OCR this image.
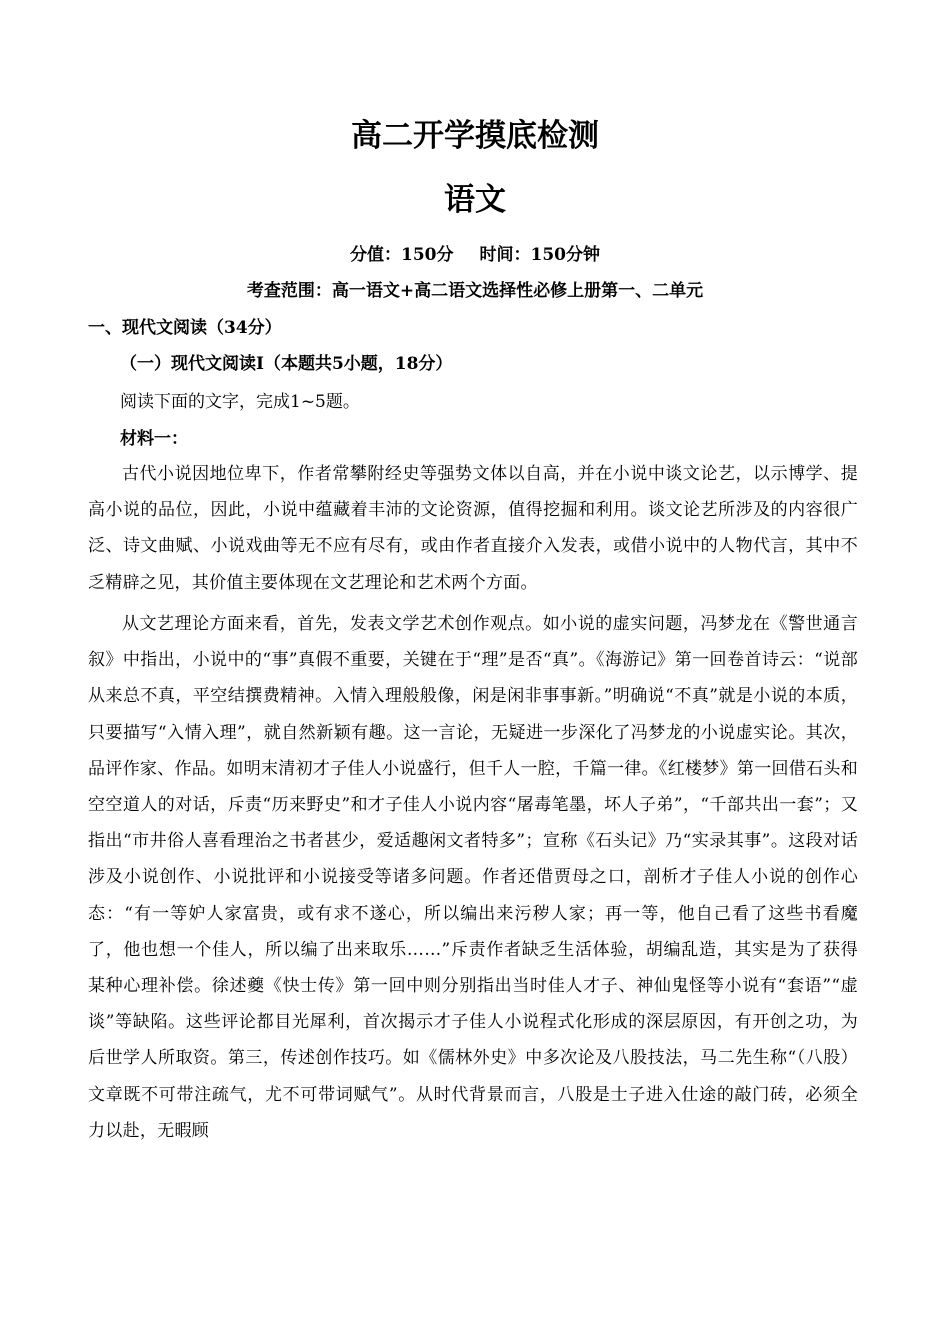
高二开学摸底检测
语文

分值：150分 时间：150分钟

考查范围：高一语文+高二语文选择性必修上册第一、二单元

一、现代文阅读（34分）

（一）现代文阅读Ⅰ（本题共5小题，18分）

阅读下面的文字，完成1~5题。

材料一：

古代小说因地位卑下，作者常攀附经史等强势文体以自高，并在小说中谈文论艺，以示博学、提高小说的品位，因此，小说中蕴藏着丰沛的文论资源，值得挖掘和利用。谈文论艺所涉及的内容很广泛、诗文曲赋、小说戏曲等无不应有尽有，或由作者直接介入发表，或借小说中的人物代言，其中不乏精辟之见，其价值主要体现在文艺理论和艺术两个方面。

从文艺理论方面来看，首先，发表文学艺术创作观点。如小说的虚实问题，冯梦龙在《警世通言叙》中指出，小说中的“事”真假不重要，关键在于“理”是否“真”。《海游记》第一回卷首诗云：“说部从来总不真，平空结撰费精神。入情入理般般像，闲是闲非事事新。”明确说“不真”就是小说的本质，只要描写“入情入理”，就自然新颖有趣。这一言论，无疑进一步深化了冯梦龙的小说虚实论。其次，品评作家、作品。如明末清初才子佳人小说盛行，但千人一腔，千篇一律。《红楼梦》第一回借石头和空空道人的对话，斥责“历来野史”和才子佳人小说内容“屠毒笔墨，坏人子弟”，“千部共出一套”；又指出“市井俗人喜看理治之书者甚少，爱适趣闲文者特多”；宣称《石头记》乃“实录其事”。这段对话涉及小说创作、小说批评和小说接受等诸多问题。作者还借贾母之口，剖析才子佳人小说的创作心态：“有一等妒人家富贵，或有求不遂心，所以编出来污秽人家；再一等，他自己看了这些书看魔了，他也想一个佳人，所以编了出来取乐……”斥责作者缺乏生活体验，胡编乱造，其实是为了获得某种心理补偿。徐述夔《快士传》第一回中则分别指出当时佳人才子、神仙鬼怪等小说有“套语”“虚谈”等缺陷。这些评论都目光犀利，首次揭示才子佳人小说程式化形成的深层原因，有开创之功，为后世学人所取资。第三，传述创作技巧。如《儒林外史》中多次论及八股技法，马二先生称“（八股）文章既不可带注疏气，尤不可带词赋气”。从时代背景而言，八股是士子进入仕途的敲门砖，必须全力以赴，无暇顾
